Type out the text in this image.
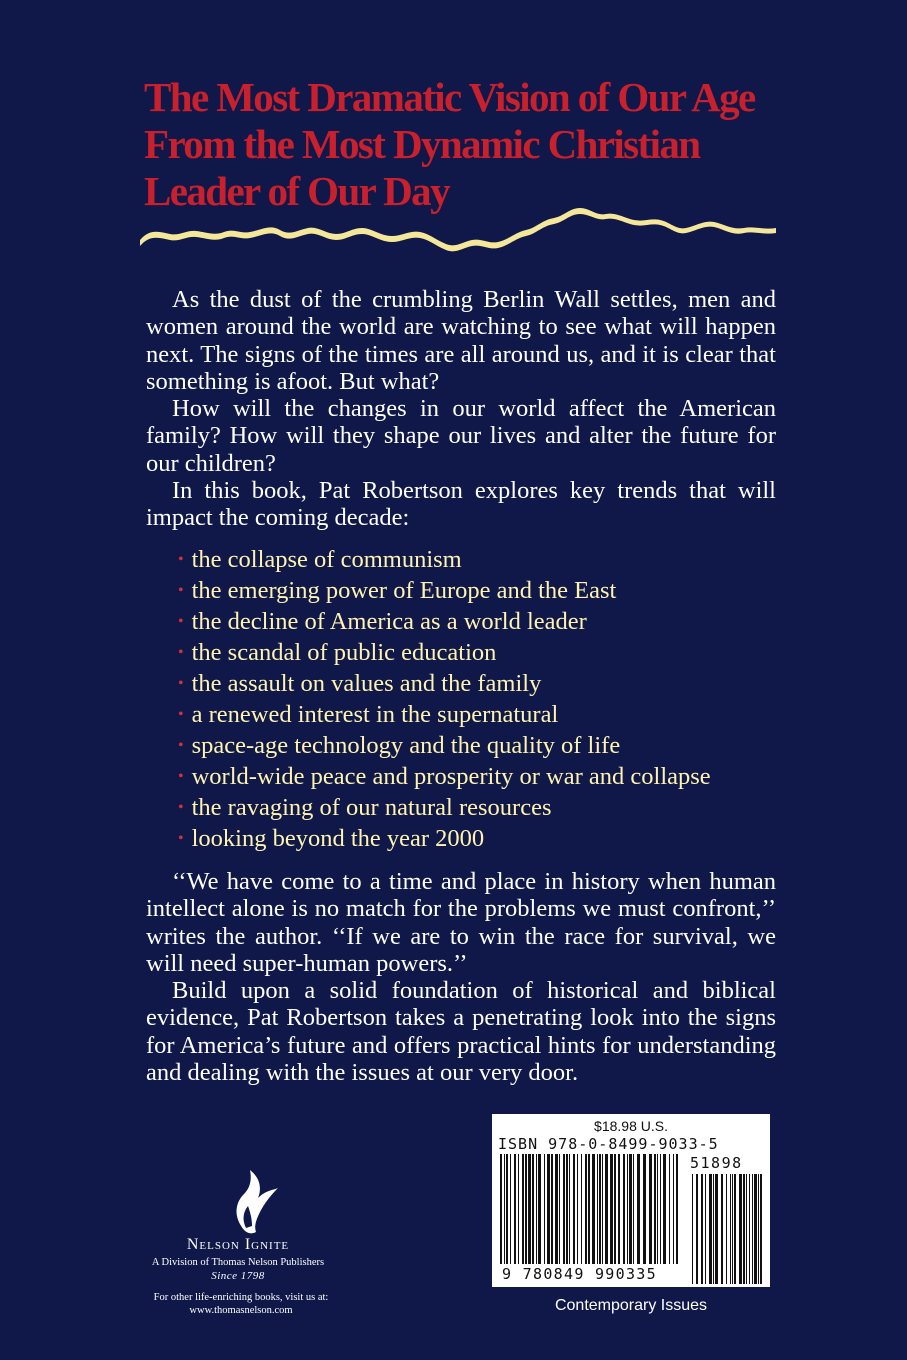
The Most Dramatic Vision of Our Age
From the Most Dynamic Christian
Leader of Our Day

As the dust of the crumbling Berlin Wall settles, men and women around the world are watching to see what will happen next. The signs of the times are all around us, and it is clear that something is afoot. But what?

How will the changes in our world affect the American family? How will they shape our lives and alter the future for our children?

In this book, Pat Robertson explores key trends that will impact the coming decade:

• the collapse of communism
• the emerging power of Europe and the East
• the decline of America as a world leader
• the scandal of public education
• the assault on values and the family
• a renewed interest in the supernatural
• space-age technology and the quality of life
• world-wide peace and prosperity or war and collapse
• the ravaging of our natural resources
• looking beyond the year 2000

‘‘We have come to a time and place in history when human intellect alone is no match for the problems we must confront,’’ writes the author. ‘‘If we are to win the race for survival, we will need super-human powers.’’

Build upon a solid foundation of historical and biblical evidence, Pat Robertson takes a penetrating look into the signs for America’s future and offers practical hints for understanding and dealing with the issues at our very door.

Nelson Ignite
A Division of Thomas Nelson Publishers
Since 1798
For other life-enriching books, visit us at:
www.thomasnelson.com
$18.98 U.S.
ISBN 978-0-8499-9033-5
51898
9 780849 990335
Contemporary Issues
